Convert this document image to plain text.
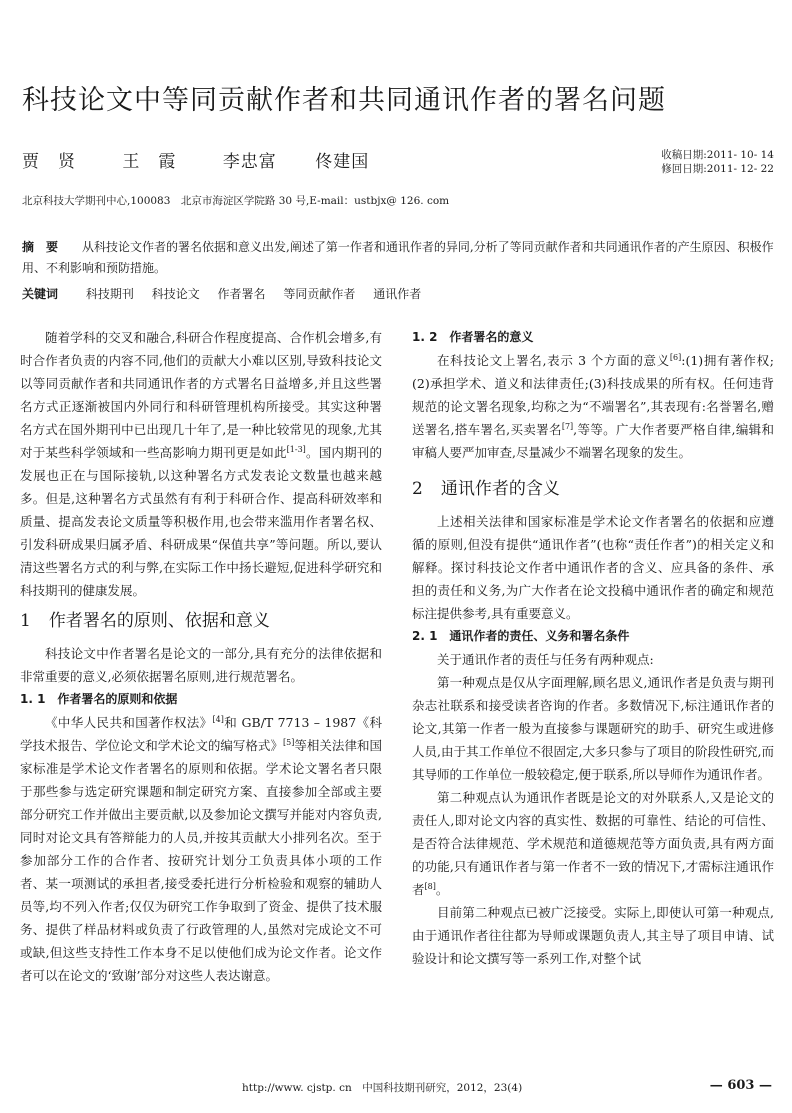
科技论文中等同贡献作者和共同通讯作者的署名问题
贾　贤	王　霞	李忠富 佟建国	收稿日期:2011- 10- 14
修回日期:2011- 12- 22
北京科技大学期刊中心,100083　北京市海淀区学院路 30 号,E-mail：ustbjx@ 126. com
摘　要 从科技论文作者的署名依据和意义出发,阐述了第一作者和通讯作者的异同,分析了等同贡献作者和共同通讯作者的产生原因、积极作用、不利影响和预防措施。
关键词 科技期刊 科技论文 作者署名 等同贡献作者 通讯作者

随着学科的交叉和融合,科研合作程度提高、合作机会增多,有时合作者负责的内容不同,他们的贡献大小难以区别,导致科技论文以等同贡献作者和共同通讯作者的方式署名日益增多,并且这些署名方式正逐渐被国内外同行和科研管理机构所接受。其实这种署名方式在国外期刊中已出现几十年了,是一种比较常见的现象,尤其对于某些科学领域和一些高影响力期刊更是如此[1-3]。国内期刊的发展也正在与国际接轨,以这种署名方式发表论文数量也越来越多。但是,这种署名方式虽然有有利于科研合作、提高科研效率和质量、提高发表论文质量等积极作用,也会带来滥用作者署名权、引发科研成果归属矛盾、科研成果“保值共享”等问题。所以,要认清这些署名方式的利与弊,在实际工作中扬长避短,促进科学研究和科技期刊的健康发展。

1 作者署名的原则、依据和意义

科技论文中作者署名是论文的一部分,具有充分的法律依据和非常重要的意义,必须依据署名原则,进行规范署名。

1. 1　作者署名的原则和依据

《中华人民共和国著作权法》[4]和 GB/T 7713 – 1987《科学技术报告、学位论文和学术论文的编写格式》[5]等相关法律和国家标准是学术论文作者署名的原则和依据。学术论文署名者只限于那些参与选定研究课题和制定研究方案、直接参加全部或主要部分研究工作并做出主要贡献,以及参加论文撰写并能对内容负责,同时对论文具有答辩能力的人员,并按其贡献大小排列名次。至于参加部分工作的合作者、按研究计划分工负责具体小项的工作者、某一项测试的承担者,接受委托进行分析检验和观察的辅助人员等,均不列入作者;仅仅为研究工作争取到了资金、提供了技术服务、提供了样品材料或负责了行政管理的人,虽然对完成论文不可或缺,但这些支持性工作本身不足以使他们成为论文作者。论文作者可以在论文的‘致谢’部分对这些人表达谢意。

1. 2　作者署名的意义

在科技论文上署名,表示 3 个方面的意义[6]:(1)拥有著作权;(2)承担学术、道义和法律责任;(3)科技成果的所有权。任何违背规范的论文署名现象,均称之为“不端署名”,其表现有:名誉署名,赠送署名,搭车署名,买卖署名[7],等等。广大作者要严格自律,编辑和审稿人要严加审查,尽量减少不端署名现象的发生。

2 通讯作者的含义

上述相关法律和国家标准是学术论文作者署名的依据和应遵循的原则,但没有提供“通讯作者”(也称“责任作者”)的相关定义和解释。探讨科技论文作者中通讯作者的含义、应具备的条件、承担的责任和义务,为广大作者在论文投稿中通讯作者的确定和规范标注提供参考,具有重要意义。

2. 1　通讯作者的责任、义务和署名条件

关于通讯作者的责任与任务有两种观点:

第一种观点是仅从字面理解,顾名思义,通讯作者是负责与期刊杂志社联系和接受读者咨询的作者。多数情况下,标注通讯作者的论文,其第一作者一般为直接参与课题研究的助手、研究生或进修人员,由于其工作单位不很固定,大多只参与了项目的阶段性研究,而其导师的工作单位一般较稳定,便于联系,所以导师作为通讯作者。

第二种观点认为通讯作者既是论文的对外联系人,又是论文的责任人,即对论文内容的真实性、数据的可靠性、结论的可信性、是否符合法律规范、学术规范和道德规范等方面负责,具有两方面的功能,只有通讯作者与第一作者不一致的情况下,才需标注通讯作者[8]。

目前第二种观点已被广泛接受。实际上,即使认可第一种观点,由于通讯作者往往都为导师或课题负责人,其主导了项目申请、试验设计和论文撰写等一系列工作,对整个试

http://www. cjstp. cn　中国科技期刊研究，2012，23(4)	— 603 —
